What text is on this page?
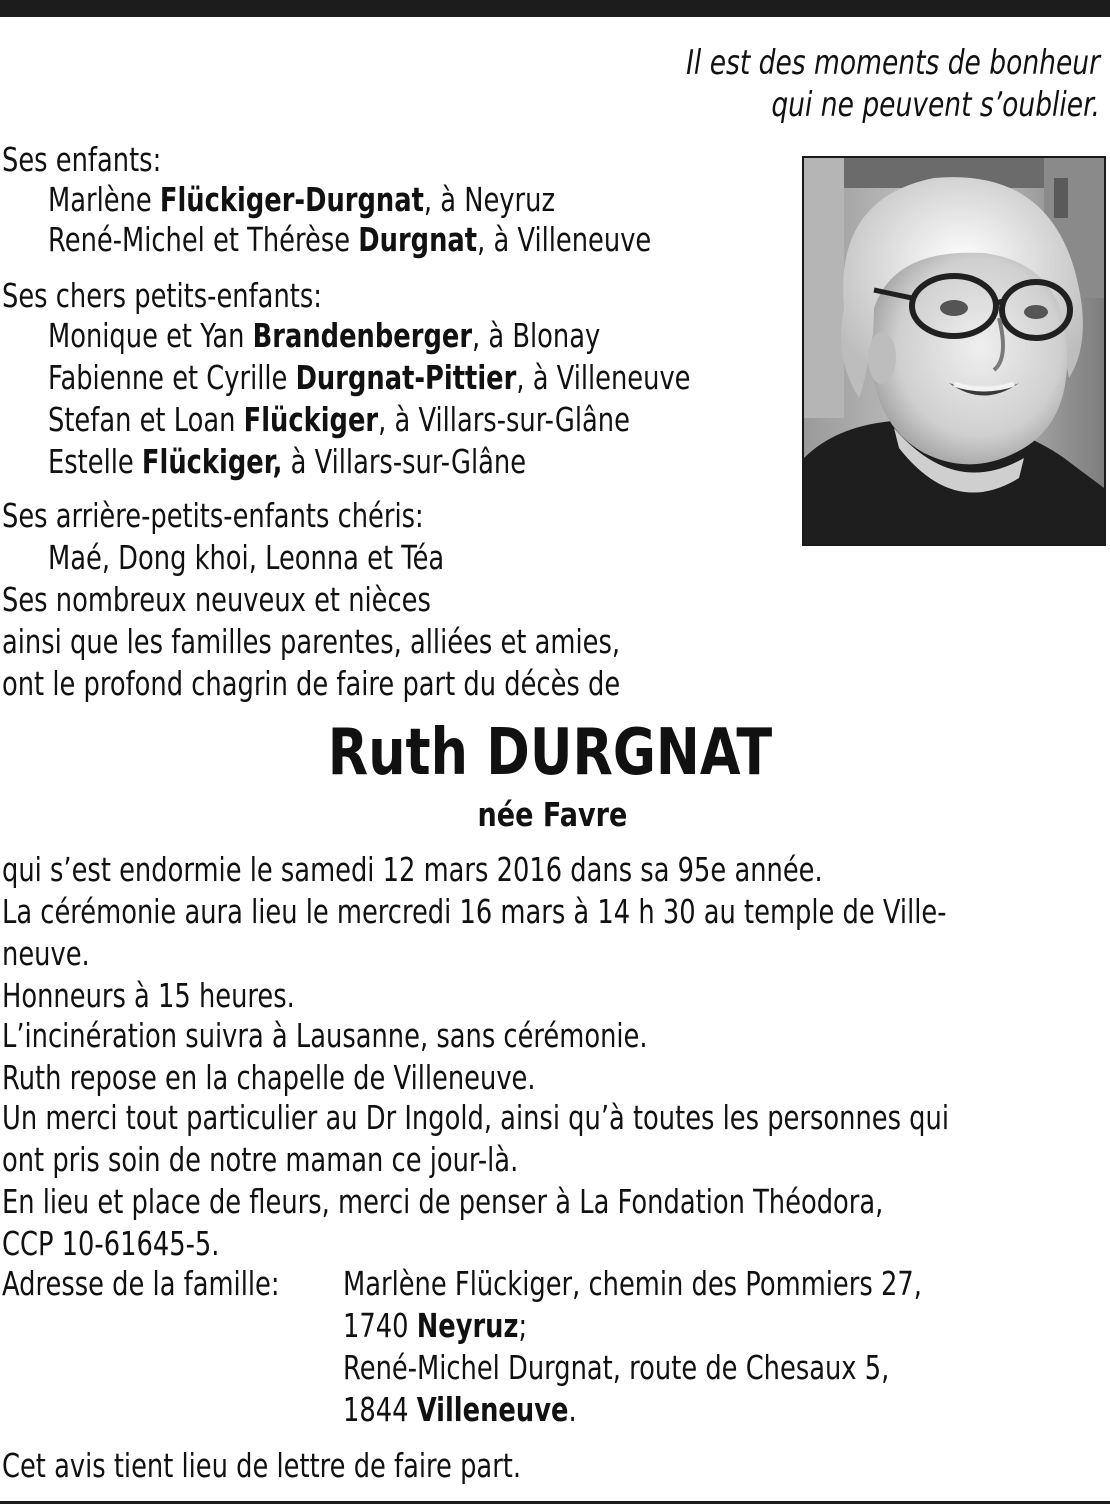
Il est des moments de bonheur
qui ne peuvent s’oublier.
Ses enfants:
Marlène Flückiger-Durgnat, à Neyruz
René-Michel et Thérèse Durgnat, à Villeneuve
Ses chers petits-enfants:
Monique et Yan Brandenberger, à Blonay
Fabienne et Cyrille Durgnat-Pittier, à Villeneuve
Stefan et Loan Flückiger, à Villars-sur-Glâne
Estelle Flückiger, à Villars-sur-Glâne
Ses arrière-petits-enfants chéris:
Maé, Dong khoi, Leonna et Téa
Ses nombreux neuveux et nièces
ainsi que les familles parentes, alliées et amies,
ont le profond chagrin de faire part du décès de
Ruth DURGNAT
née Favre
qui s’est endormie le samedi 12 mars 2016 dans sa 95e année.
La cérémonie aura lieu le mercredi 16 mars à 14 h 30 au temple de Ville-
neuve.
Honneurs à 15 heures.
L’incinération suivra à Lausanne, sans cérémonie.
Ruth repose en la chapelle de Villeneuve.
Un merci tout particulier au Dr Ingold, ainsi qu’à toutes les personnes qui
ont pris soin de notre maman ce jour-là.
En lieu et place de fleurs, merci de penser à La Fondation Théodora,
CCP 10-61645-5.
Adresse de la famille: Marlène Flückiger, chemin des Pommiers 27,
1740 Neyruz;
René-Michel Durgnat, route de Chesaux 5,
1844 Villeneuve.
Cet avis tient lieu de lettre de faire part.
